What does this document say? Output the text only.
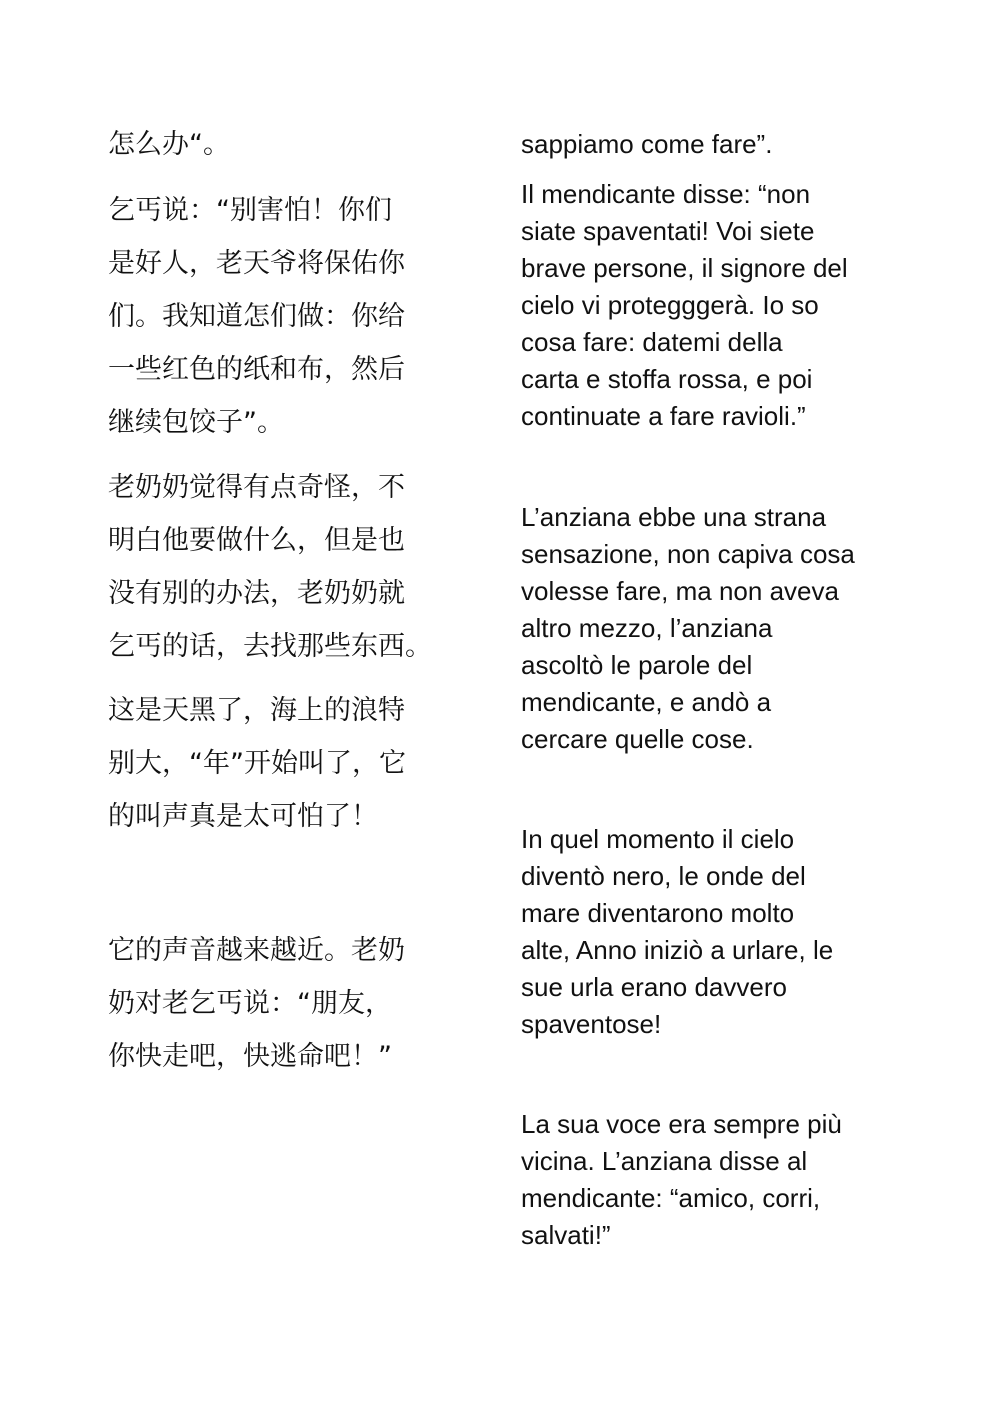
怎么办“。

乞丐说：“别害怕！你们
是好人，老天爷将保佑你
们。我知道怎们做：你给
一些红色的纸和布，然后
继续包饺子”。

老奶奶觉得有点奇怪，不
明白他要做什么，但是也
没有别的办法，老奶奶就
乞丐的话，去找那些东西。

这是天黑了，海上的浪特
别大，“年”开始叫了，它
的叫声真是太可怕了！

它的声音越来越近。老奶
奶对老乞丐说：“朋友，
你快走吧，快逃命吧！”

sappiamo come fare”.

Il mendicante disse: “non
siate spaventati! Voi siete
brave persone, il signore del
cielo vi protegggerà. Io so
cosa fare: datemi della
carta e stoffa rossa, e poi
continuate a fare ravioli.”

L’anziana ebbe una strana
sensazione, non capiva cosa
volesse fare, ma non aveva
altro mezzo, l’anziana
ascoltò le parole del
mendicante, e andò a
cercare quelle cose.

In quel momento il cielo
diventò nero, le onde del
mare diventarono molto
alte, Anno iniziò a urlare, le
sue urla erano davvero
spaventose!

La sua voce era sempre più
vicina. L’anziana disse al
mendicante: “amico, corri,
salvati!”
